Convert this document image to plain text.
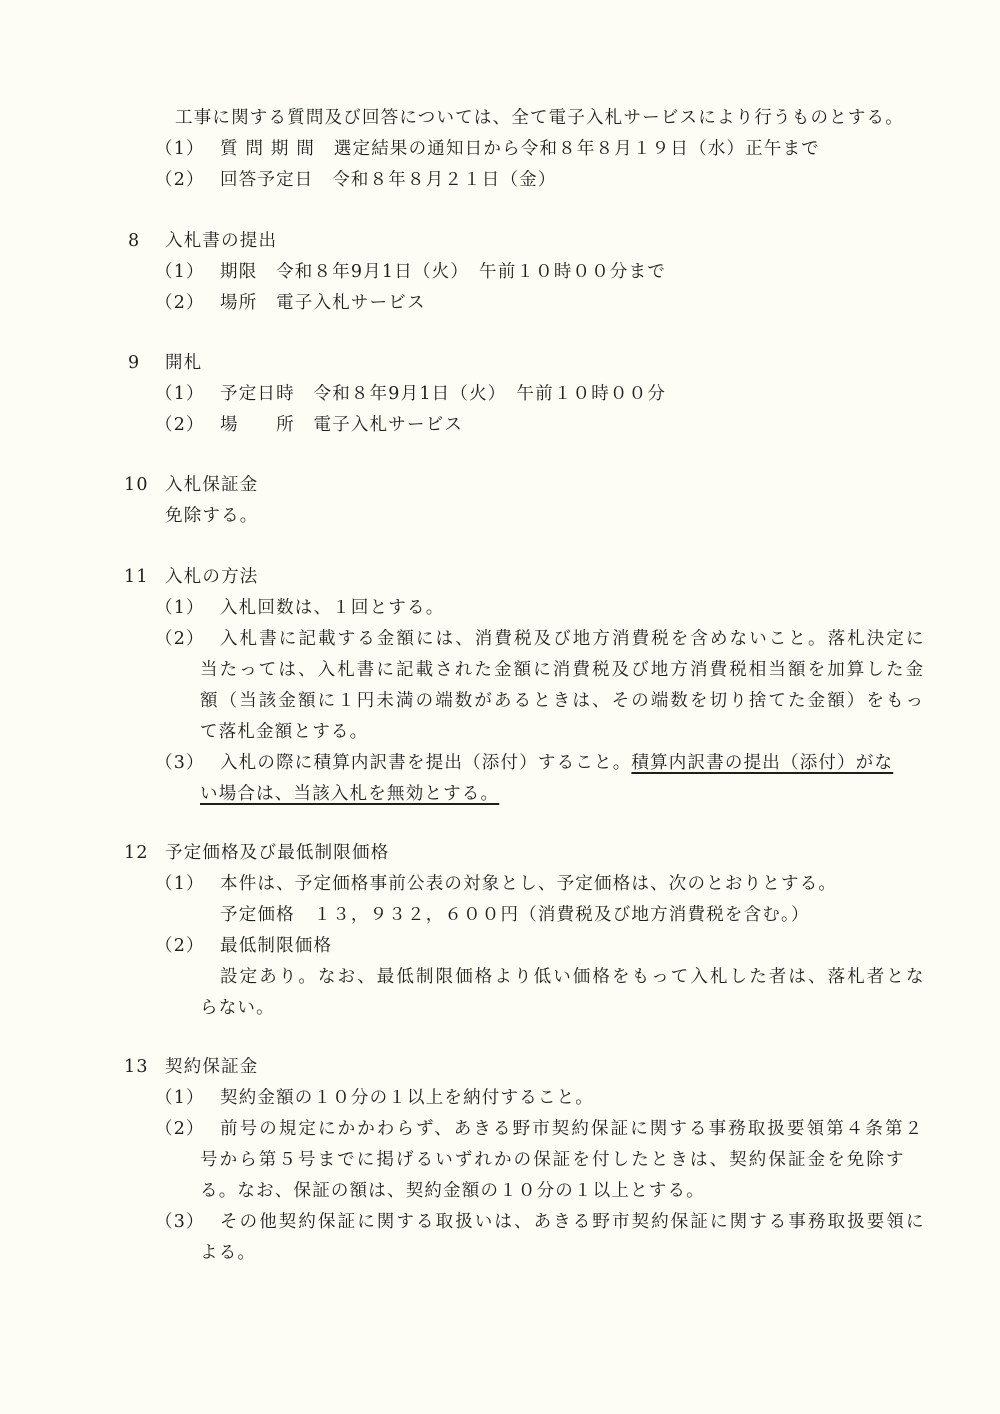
工事に関する質問及び回答については、全て電子入札サービスにより行うものとする。
（1） 質 問 期 間　選定結果の通知日から令和８年８月１９日（水）正午まで
（2） 回答予定日　令和８年８月２１日（金）
8 入札書の提出
（1） 期限　令和８年9月1日（火）　午前１０時００分まで
（2） 場所　電子入札サービス
9 開札
（1） 予定日時　令和８年9月1日（火）　午前１０時００分
（2） 場　　所　電子入札サービス
10 入札保証金
免除する。
11 入札の方法
（1） 入札回数は、１回とする。
（2） 入札書に記載する金額には、消費税及び地方消費税を含めないこと。落札決定に
当たっては、入札書に記載された金額に消費税及び地方消費税相当額を加算した金
額（当該金額に１円未満の端数があるときは、その端数を切り捨てた金額）をもっ
て落札金額とする。
（3） 入札の際に積算内訳書を提出（添付）すること。積算内訳書の提出（添付）がな
い場合は、当該入札を無効とする。
12 予定価格及び最低制限価格
（1） 本件は、予定価格事前公表の対象とし、予定価格は、次のとおりとする。
予定価格　１３，９３２，６００円（消費税及び地方消費税を含む。）
（2） 最低制限価格
設定あり。なお、最低制限価格より低い価格をもって入札した者は、落札者とな
らない。
13 契約保証金
（1） 契約金額の１０分の１以上を納付すること。
（2） 前号の規定にかかわらず、あきる野市契約保証に関する事務取扱要領第４条第２
号から第５号までに掲げるいずれかの保証を付したときは、契約保証金を免除す
る。なお、保証の額は、契約金額の１０分の１以上とする。
（3） その他契約保証に関する取扱いは、あきる野市契約保証に関する事務取扱要領に
よる。
